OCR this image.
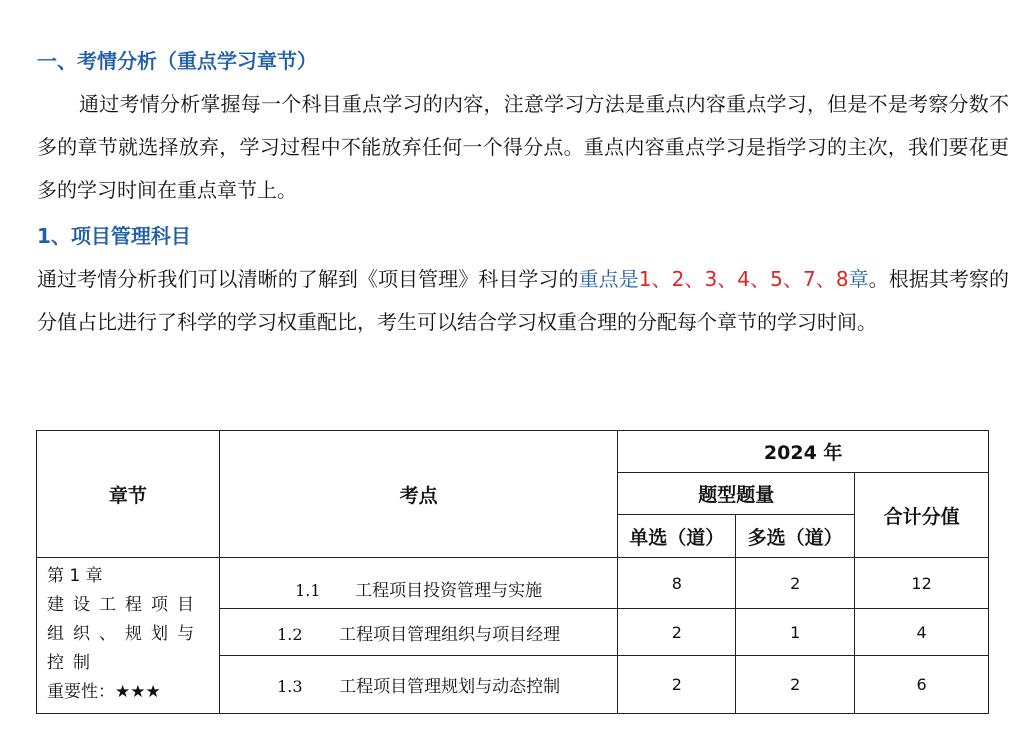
一、考情分析（重点学习章节）
通过考情分析掌握每一个科目重点学习的内容，注意学习方法是重点内容重点学习，但是不是考察分数不多的章节就选择放弃，学习过程中不能放弃任何一个得分点。重点内容重点学习是指学习的主次，我们要花更多的学习时间在重点章节上。
1、项目管理科目
通过考情分析我们可以清晰的了解到《项目管理》科目学习的重点是1、2、3、4、5、7、8章。根据其考察的分值占比进行了科学的学习权重配比，考生可以结合学习权重合理的分配每个章节的学习时间。
章节	考点	2024 年		
		题型题量		合计分值
		单选（道）	多选（道）	

第 1 章
建设工程项目
组织、规划与
控制
重要性：★★★	1.1 工程项目投资管理与实施	8	2	12
	1.2 工程项目管理组织与项目经理	2	1	4
	1.3 工程项目管理规划与动态控制	2	2	6
